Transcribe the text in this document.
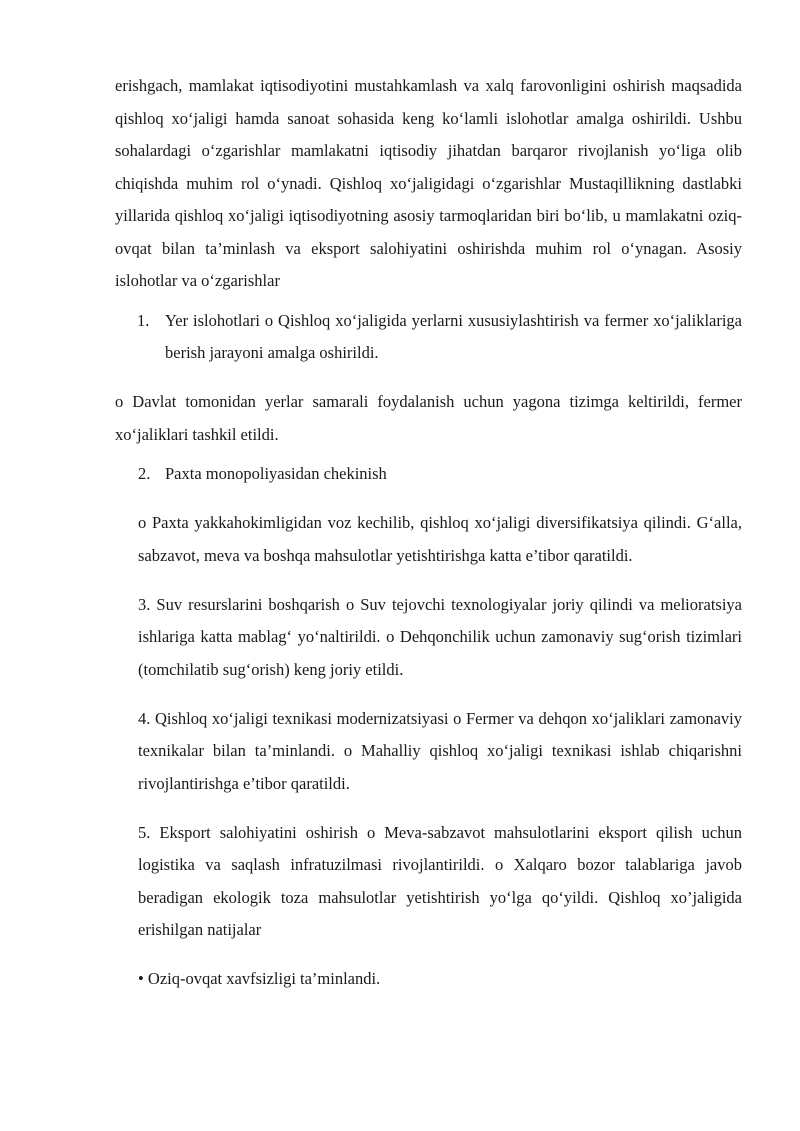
erishgach, mamlakat iqtisodiyotini mustahkamlash va xalq farovonligini oshirish maqsadida qishloq xo‘jaligi hamda sanoat sohasida keng ko‘lamli islohotlar amalga oshirildi. Ushbu sohalardagi o‘zgarishlar mamlakatni iqtisodiy jihatdan barqaror rivojlanish yo‘liga olib chiqishda muhim rol o‘ynadi. Qishloq xo‘jaligidagi o‘zgarishlar Mustaqillikning dastlabki yillarida qishloq xo‘jaligi iqtisodiyotning asosiy tarmoqlaridan biri bo‘lib, u mamlakatni oziq-ovqat bilan ta’minlash va eksport salohiyatini oshirishda muhim rol o‘ynagan. Asosiy islohotlar va o‘zgarishlar

1. Yer islohotlari o Qishloq xo‘jaligida yerlarni xususiylashtirish va fermer xo‘jaliklariga berish jarayoni amalga oshirildi.

o Davlat tomonidan yerlar samarali foydalanish uchun yagona tizimga keltirildi, fermer xo‘jaliklari tashkil etildi.

2. Paxta monopoliyasidan chekinish

o Paxta yakkahokimligidan voz kechilib, qishloq xo‘jaligi diversifikatsiya qilindi. G‘alla, sabzavot, meva va boshqa mahsulotlar yetishtirishga katta e’tibor qaratildi.

3. Suv resurslarini boshqarish o Suv tejovchi texnologiyalar joriy qilindi va melioratsiya ishlariga katta mablag‘ yo‘naltirildi. o Dehqonchilik uchun zamonaviy sug‘orish tizimlari (tomchilatib sug‘orish) keng joriy etildi.

4. Qishloq xo‘jaligi texnikasi modernizatsiyasi o Fermer va dehqon xo‘jaliklari zamonaviy texnikalar bilan ta’minlandi. o Mahalliy qishloq xo‘jaligi texnikasi ishlab chiqarishni rivojlantirishga e’tibor qaratildi.

5. Eksport salohiyatini oshirish o Meva-sabzavot mahsulotlarini eksport qilish uchun logistika va saqlash infratuzilmasi rivojlantirildi. o Xalqaro bozor talablariga javob beradigan ekologik toza mahsulotlar yetishtirish yo‘lga qo‘yildi. Qishloq xo’jaligida erishilgan natijalar

• Oziq-ovqat xavfsizligi ta’minlandi.
